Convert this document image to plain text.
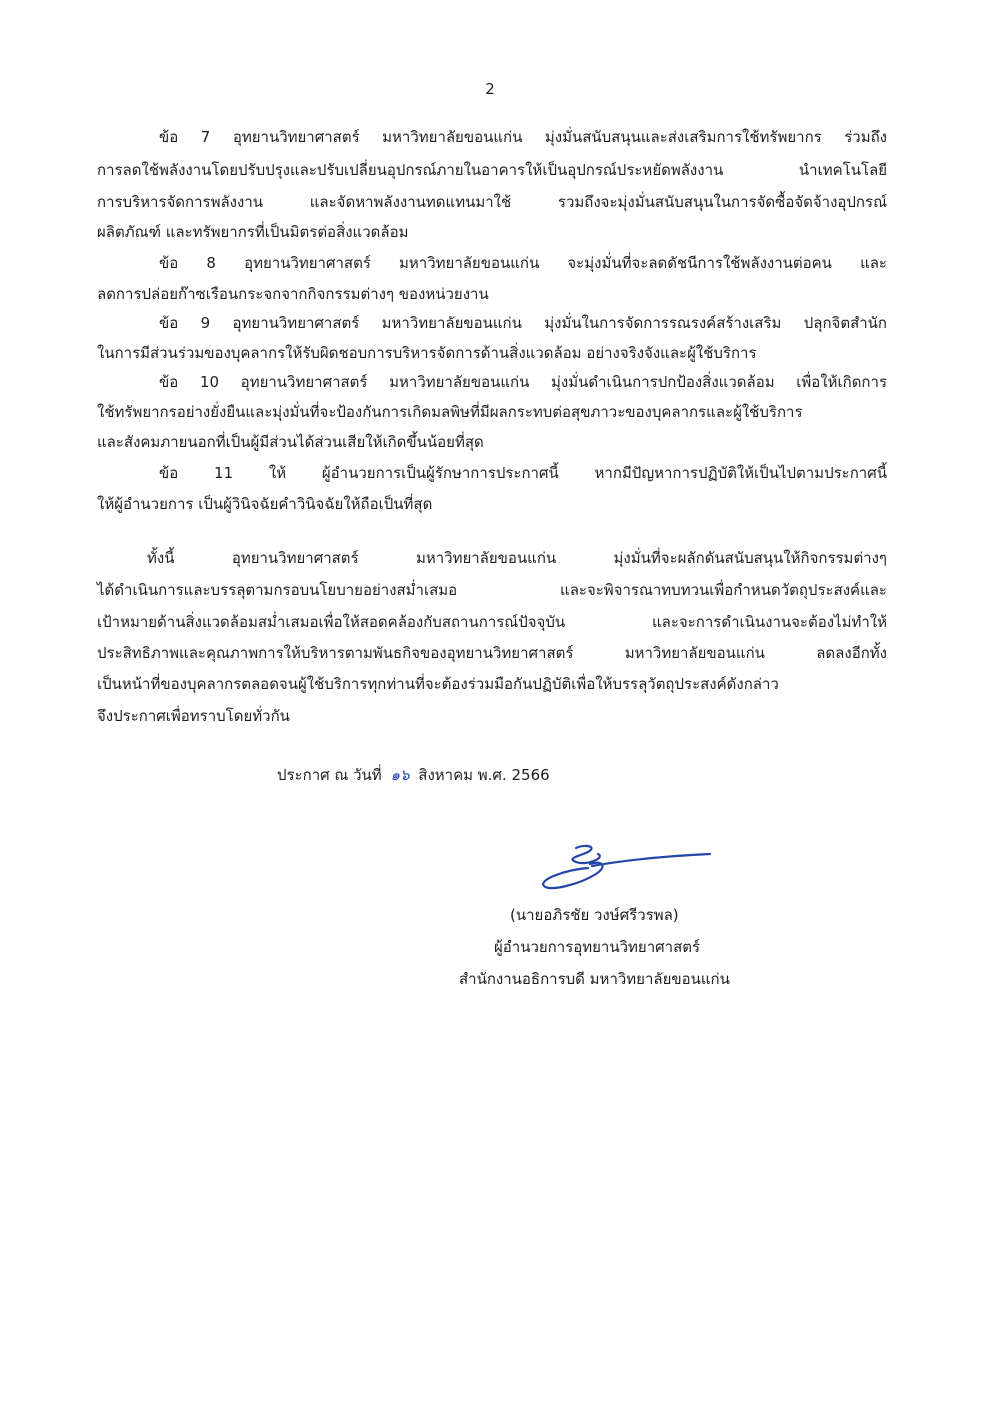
2
ข้อ 7 อุทยานวิทยาศาสตร์ มหาวิทยาลัยขอนแก่น มุ่งมั่นสนับสนุนและส่งเสริมการใช้ทรัพยากร ร่วมถึง
การลดใช้พลังงานโดยปรับปรุงและปรับเปลี่ยนอุปกรณ์ภายในอาคารให้เป็นอุปกรณ์ประหยัดพลังงาน นำเทคโนโลยี
การบริหารจัดการพลังงาน และจัดหาพลังงานทดแทนมาใช้ รวมถึงจะมุ่งมั่นสนับสนุนในการจัดซื้อจัดจ้างอุปกรณ์
ผลิตภัณฑ์ และทรัพยากรที่เป็นมิตรต่อสิ่งแวดล้อม
ข้อ 8 อุทยานวิทยาศาสตร์ มหาวิทยาลัยขอนแก่น จะมุ่งมั่นที่จะลดดัชนีการใช้พลังงานต่อคน และ
ลดการปล่อยก๊าซเรือนกระจกจากกิจกรรมต่างๆ ของหน่วยงาน
ข้อ 9 อุทยานวิทยาศาสตร์ มหาวิทยาลัยขอนแก่น มุ่งมั่นในการจัดการรณรงค์สร้างเสริม ปลุกจิตสำนัก
ในการมีส่วนร่วมของบุคลากรให้รับผิดชอบการบริหารจัดการด้านสิ่งแวดล้อม อย่างจริงจังและผู้ใช้บริการ
ข้อ 10 อุทยานวิทยาศาสตร์ มหาวิทยาลัยขอนแก่น มุ่งมั่นดำเนินการปกป้องสิ่งแวดล้อม เพื่อให้เกิดการ
ใช้ทรัพยากรอย่างยั่งยืนและมุ่งมั่นที่จะป้องกันการเกิดมลพิษที่มีผลกระทบต่อสุขภาวะของบุคลากรและผู้ใช้บริการ
และสังคมภายนอกที่เป็นผู้มีส่วนได้ส่วนเสียให้เกิดขึ้นน้อยที่สุด
ข้อ 11 ให้ ผู้อำนวยการเป็นผู้รักษาการประกาศนี้ หากมีปัญหาการปฏิบัติให้เป็นไปตามประกาศนี้
ให้ผู้อำนวยการ เป็นผู้วินิจฉัยคำวินิจฉัยให้ถือเป็นที่สุด
ทั้งนี้ อุทยานวิทยาศาสตร์ มหาวิทยาลัยขอนแก่น มุ่งมั่นที่จะผลักดันสนับสนุนให้กิจกรรมต่างๆ
ได้ดำเนินการและบรรลุตามกรอบนโยบายอย่างสม่ำเสมอ และจะพิจารณาทบทวนเพื่อกำหนดวัตถุประสงค์และ
เป้าหมายด้านสิ่งแวดล้อมสม่ำเสมอเพื่อให้สอดคล้องกับสถานการณ์ปัจจุบัน และจะการดำเนินงานจะต้องไม่ทำให้
ประสิทธิภาพและคุณภาพการให้บริหารตามพันธกิจของอุทยานวิทยาศาสตร์ มหาวิทยาลัยขอนแก่น ลดลงอีกทั้ง
เป็นหน้าที่ของบุคลากรตลอดจนผู้ใช้บริการทุกท่านที่จะต้องร่วมมือกันปฏิบัติเพื่อให้บรรลุวัตถุประสงค์ดังกล่าว
จึงประกาศเพื่อทราบโดยทั่วกัน
ประกาศ ณ วันที่ ๑๖ สิงหาคม พ.ศ. 2566
(นายอภิรชัย วงษ์ศรีวรพล)
ผู้อำนวยการอุทยานวิทยาศาสตร์
สำนักงานอธิการบดี มหาวิทยาลัยขอนแก่น
